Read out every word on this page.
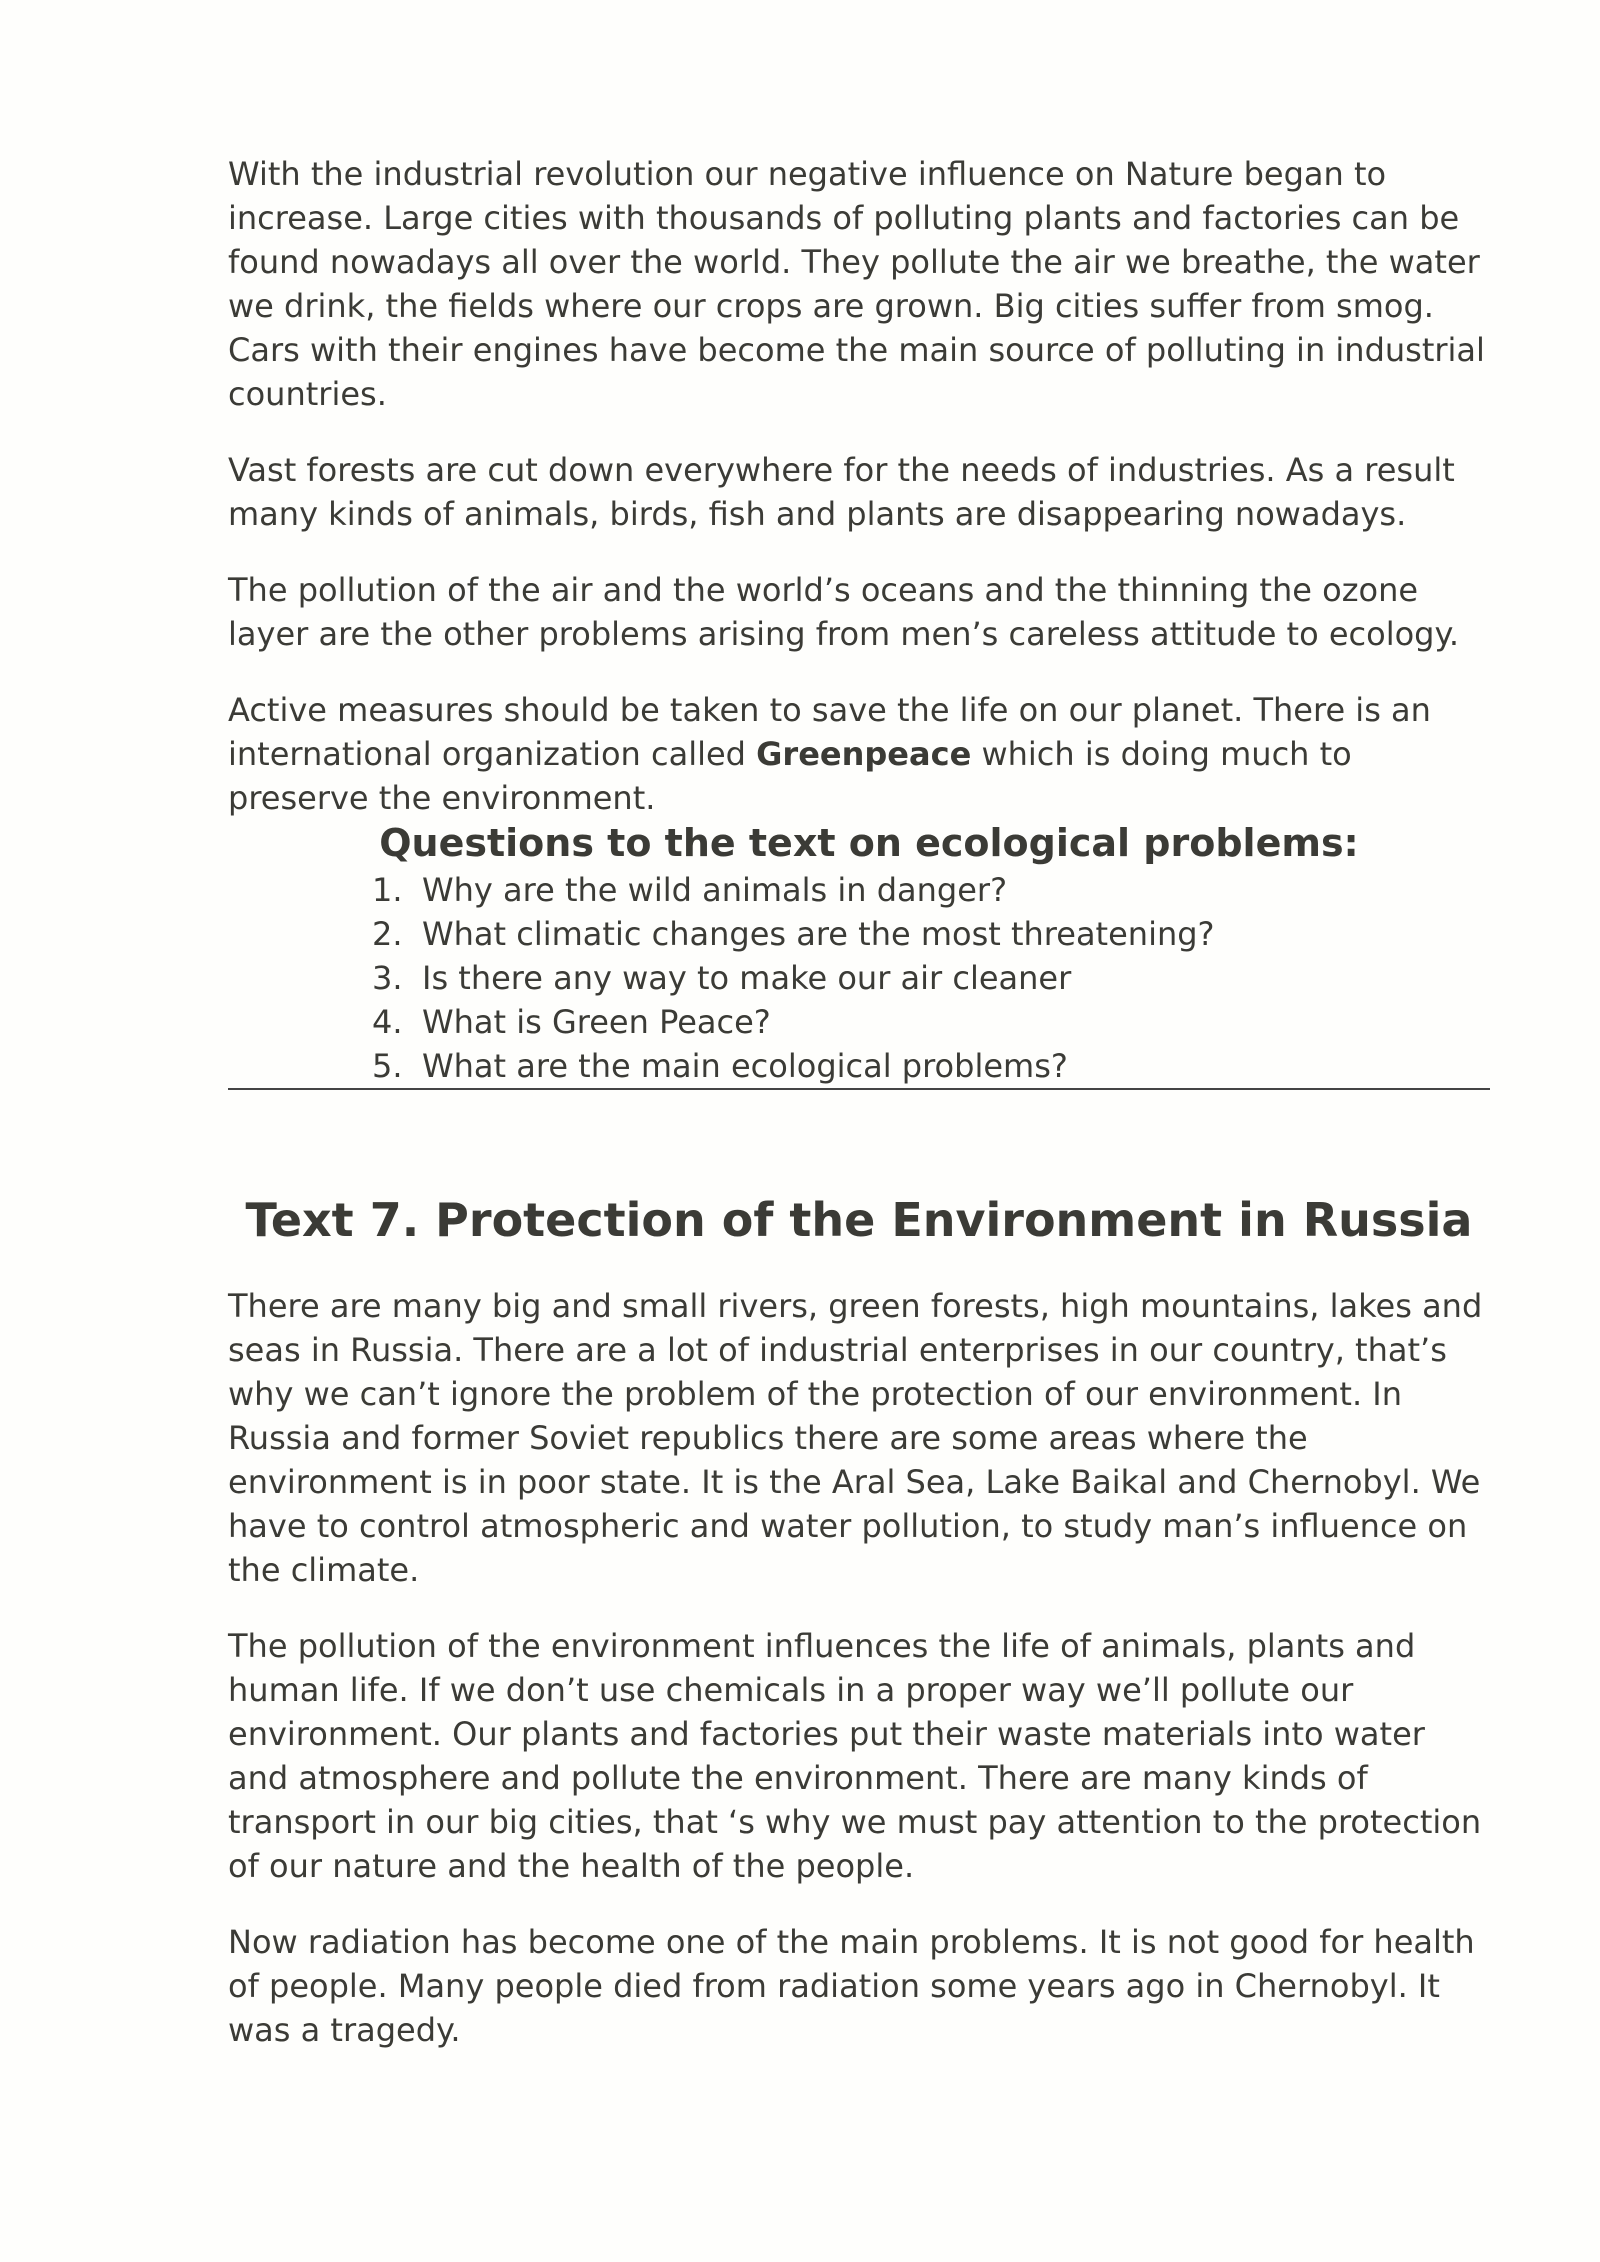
With the industrial revolution our negative influence on Nature began to increase. Large cities with thousands of polluting plants and factories can be found nowadays all over the world. They pollute the air we breathe, the water we drink, the fields where our crops are grown. Big cities suffer from smog. Cars with their engines have become the main source of polluting in industrial countries.

Vast forests are cut down everywhere for the needs of industries. As a result many kinds of animals, birds, fish and plants are disappearing nowadays.

The pollution of the air and the world’s oceans and the thinning the ozone layer are the other problems arising from men’s careless attitude to ecology.

Active measures should be taken to save the life on our planet. There is an international organization called Greenpeace which is doing much to preserve the environment.

Questions to the text on ecological problems:
1. Why are the wild animals in danger?
2. What climatic changes are the most threatening?
3. Is there any way to make our air cleaner
4. What is Green Peace?
5. What are the main ecological problems?
Text 7. Protection of the Environment in Russia

There are many big and small rivers, green forests, high mountains, lakes and seas in Russia. There are a lot of industrial enterprises in our country, that’s why we can’t ignore the problem of the protection of our environment. In Russia and former Soviet republics there are some areas where the environment is in poor state. It is the Aral Sea, Lake Baikal and Chernobyl. We have to control atmospheric and water pollution, to study man’s influence on the climate.

The pollution of the environment influences the life of animals, plants and human life. If we don’t use chemicals in a proper way we’ll pollute our environment. Our plants and factories put their waste materials into water and atmosphere and pollute the environment. There are many kinds of transport in our big cities, that ‘s why we must pay attention to the protection of our nature and the health of the people.

Now radiation has become one of the main problems. It is not good for health of people. Many people died from radiation some years ago in Chernobyl. It was a tragedy.
